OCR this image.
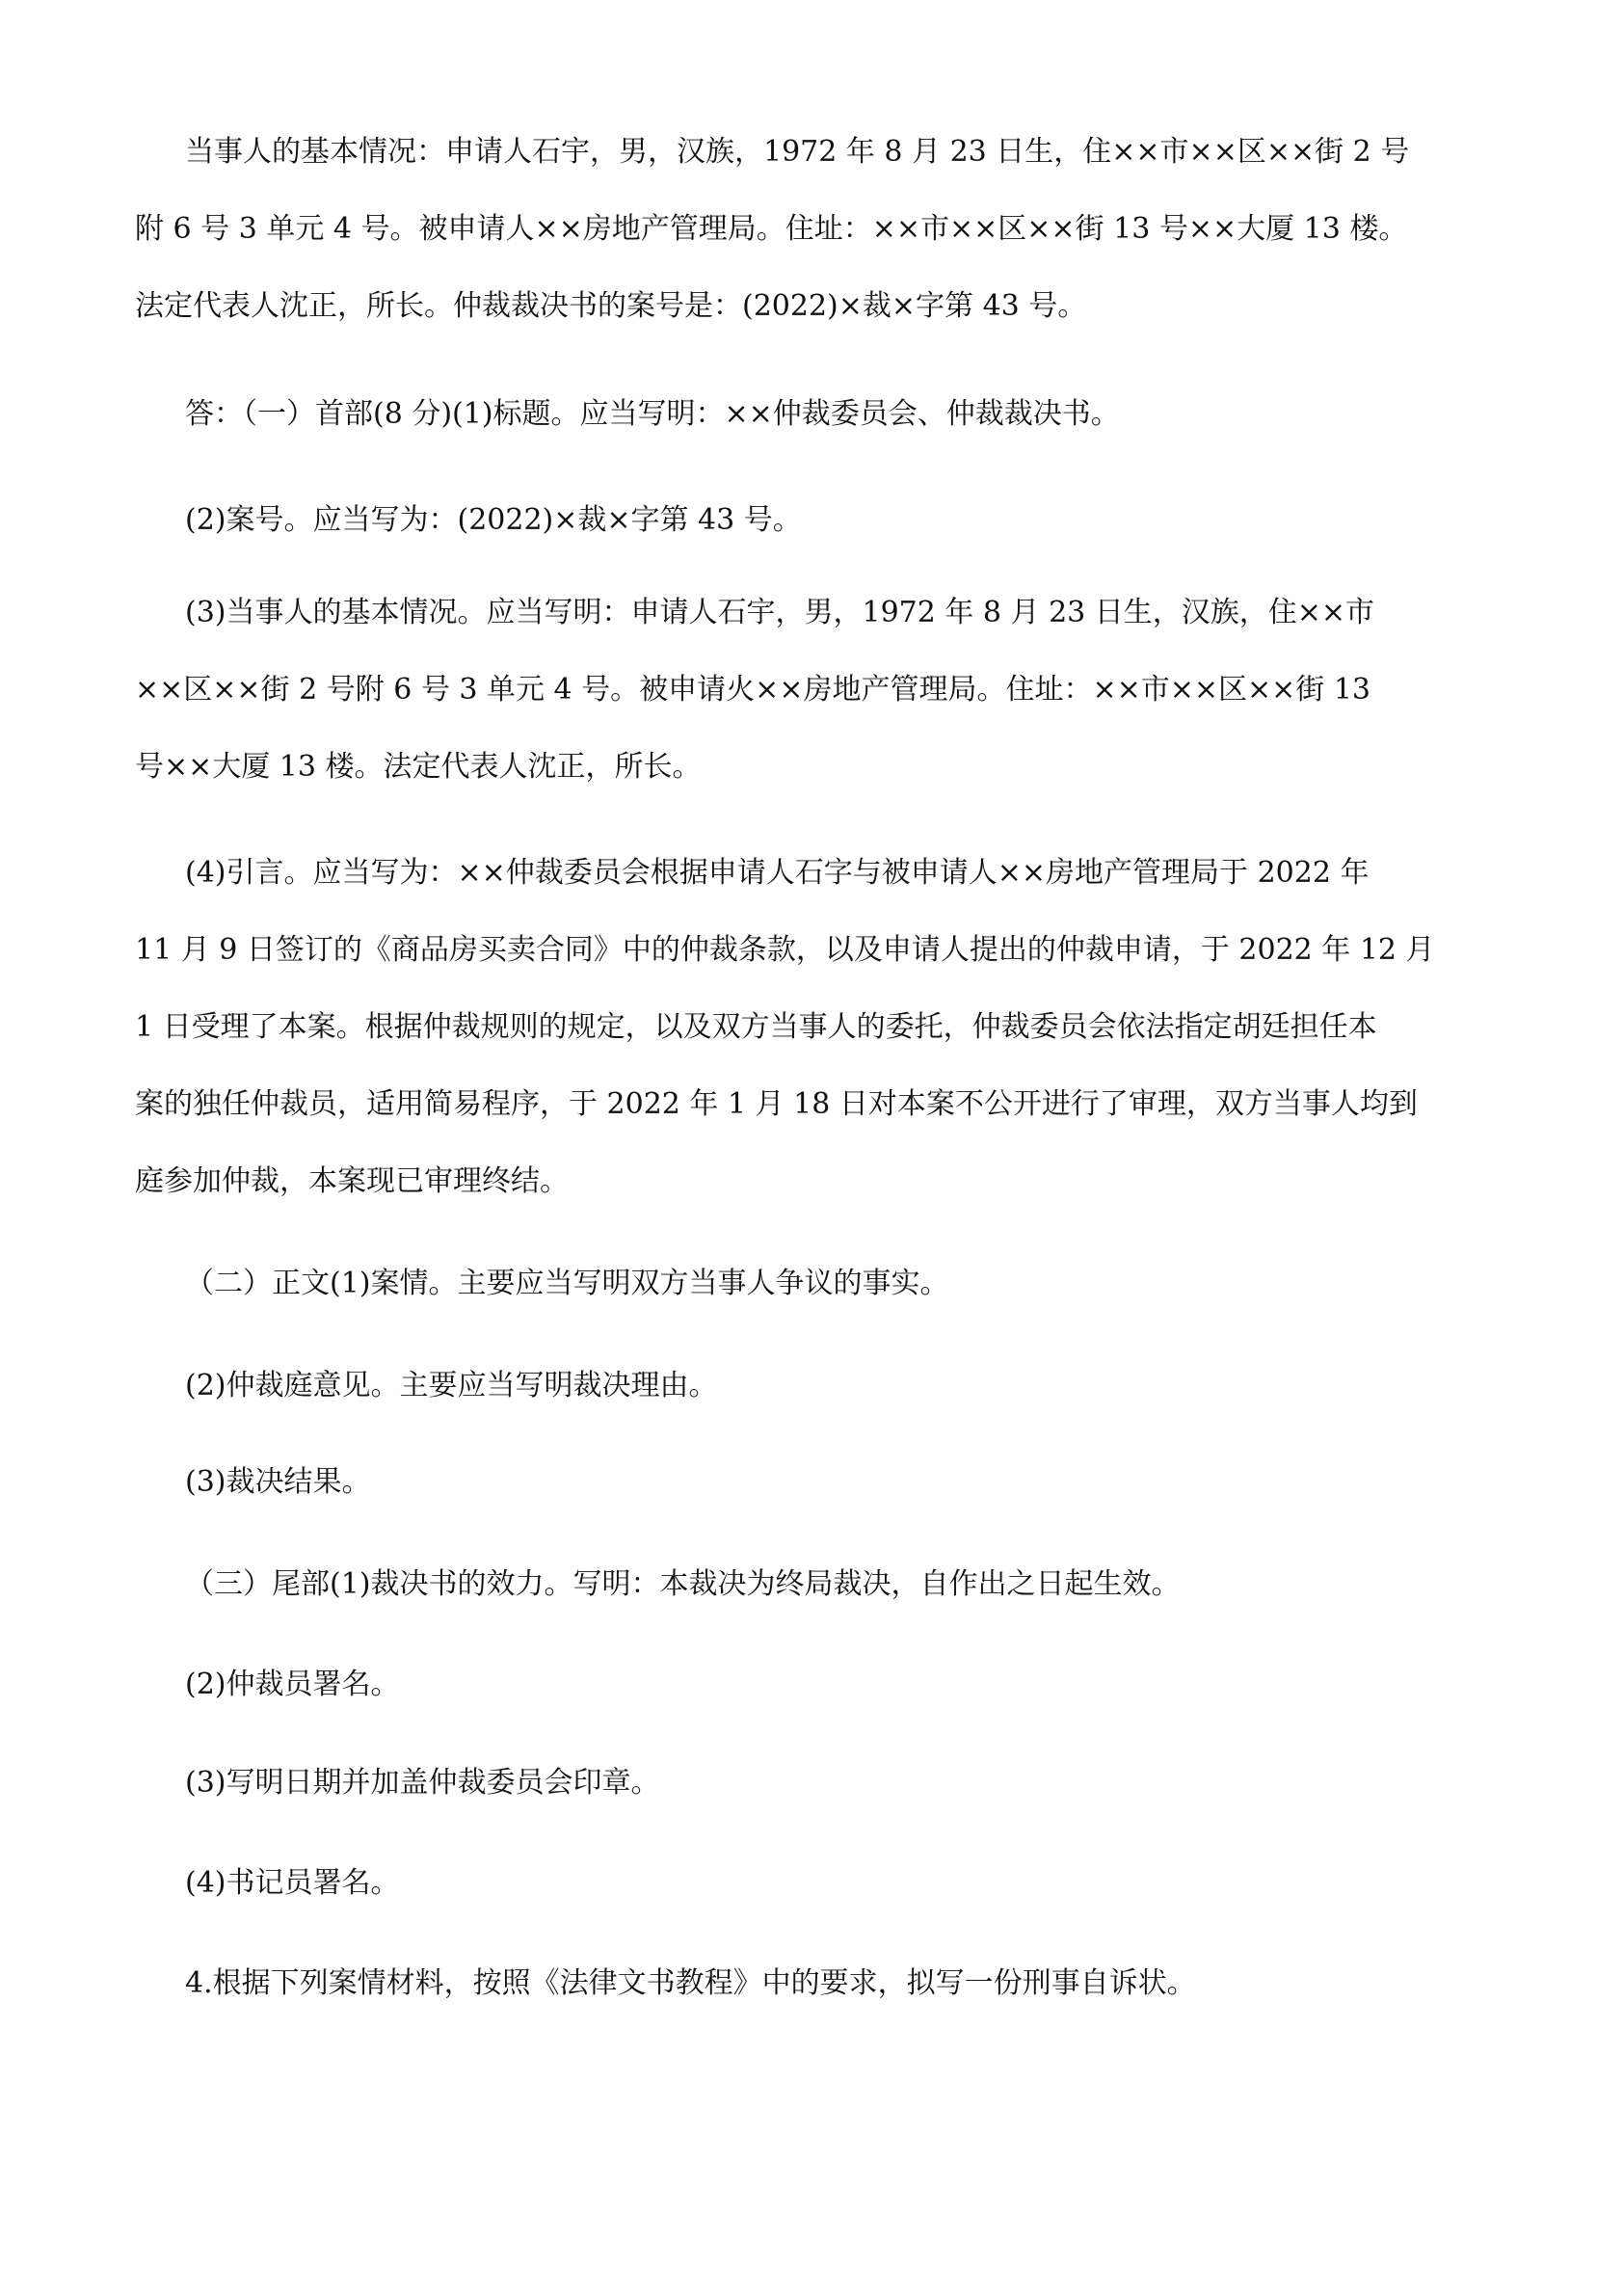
当事人的基本情况：申请人石宇，男，汉族，1972 年 8 月 23 日生，住××市××区××街 2 号
附 6 号 3 单元 4 号。被申请人××房地产管理局。住址：××市××区××街 13 号××大厦 13 楼。
法定代表人沈正，所长。仲裁裁决书的案号是：(2022)×裁×字第 43 号。
答：（一）首部(8 分)(1)标题。应当写明：××仲裁委员会、仲裁裁决书。
(2)案号。应当写为：(2022)×裁×字第 43 号。
(3)当事人的基本情况。应当写明：申请人石宇，男，1972 年 8 月 23 日生，汉族，住××市
××区××街 2 号附 6 号 3 单元 4 号。被申请火××房地产管理局。住址：××市××区××街 13
号××大厦 13 楼。法定代表人沈正，所长。
(4)引言。应当写为：××仲裁委员会根据申请人石字与被申请人××房地产管理局于 2022 年
11 月 9 日签订的《商品房买卖合同》中的仲裁条款，以及申请人提出的仲裁申请，于 2022 年 12 月
1 日受理了本案。根据仲裁规则的规定，以及双方当事人的委托，仲裁委员会依法指定胡廷担任本
案的独任仲裁员，适用简易程序，于 2022 年 1 月 18 日对本案不公开进行了审理，双方当事人均到
庭参加仲裁，本案现已审理终结。
（二）正文(1)案情。主要应当写明双方当事人争议的事实。
(2)仲裁庭意见。主要应当写明裁决理由。
(3)裁决结果。
（三）尾部(1)裁决书的效力。写明：本裁决为终局裁决，自作出之日起生效。
(2)仲裁员署名。
(3)写明日期并加盖仲裁委员会印章。
(4)书记员署名。
4.根据下列案情材料，按照《法律文书教程》中的要求，拟写一份刑事自诉状。
